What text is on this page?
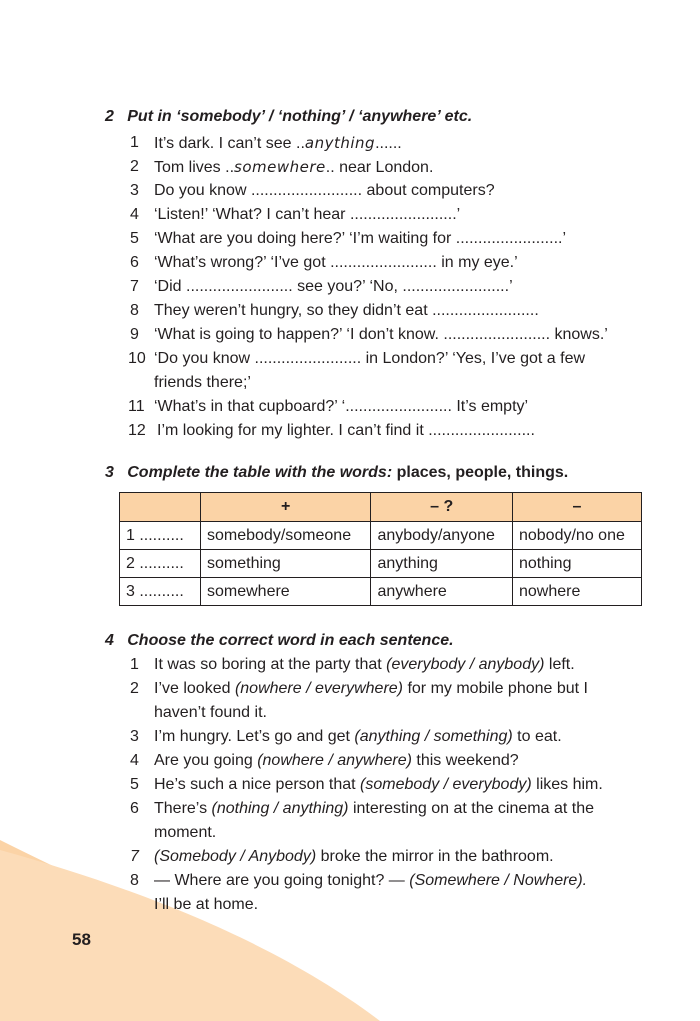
2 Put in ‘somebody’ / ‘nothing’ / ‘anywhere’ etc.
1 It’s dark. I can’t see ..anything......
2 Tom lives ..somewhere.. near London.
3 Do you know ......................... about computers?
4 ‘Listen!’ ‘What? I can’t hear ........................’
5 ‘What are you doing here?’ ‘I’m waiting for ........................’
6 ‘What’s wrong?’ ‘I’ve got ........................ in my eye.’
7 ‘Did ........................ see you?’ ‘No, ........................’
8 They weren’t hungry, so they didn’t eat ........................
9 ‘What is going to happen?’ ‘I don’t know. ........................ knows.’
10 ‘Do you know ........................ in London?’ ‘Yes, I’ve got a few
friends there;’
11 ‘What’s in that cupboard?’ ‘........................ It’s empty’
12 I’m looking for my lighter. I can’t find it ........................
3 Complete the table with the words: places, people, things.
	+	– ?	–
1 ..........	somebody/someone	anybody/anyone	nobody/no one
2 ..........	something	anything	nothing
3 ..........	somewhere	anywhere	nowhere
4 Choose the correct word in each sentence.
1 It was so boring at the party that (everybody / anybody) left.
2 I’ve looked (nowhere / everywhere) for my mobile phone but I
haven’t found it.
3 I’m hungry. Let’s go and get (anything / something) to eat.
4 Are you going (nowhere / anywhere) this weekend?
5 He’s such a nice person that (somebody / everybody) likes him.
6 There’s (nothing / anything) interesting on at the cinema at the
moment.
7 (Somebody / Anybody) broke the mirror in the bathroom.
8 — Where are you going tonight? — (Somewhere / Nowhere).
I’ll be at home.
58
